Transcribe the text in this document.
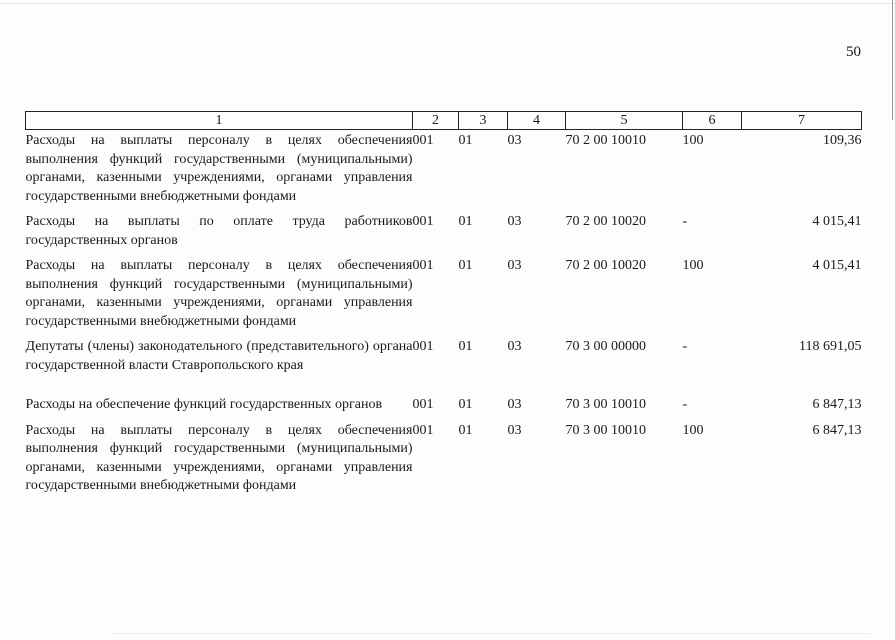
50
1	2	3	4	5	6	7
Расходы на выплаты персоналу в целях обеспечения выполнения функций государственными (муниципальными) органами, казенными учреждениями, органами управления государственными внебюджетными фондами	001	01	03	70 2 00 10010	100	109,36
Расходы на выплаты по оплате труда работников государственных органов	001	01	03	70 2 00 10020	-	4 015,41
Расходы на выплаты персоналу в целях обеспечения выполнения функций государственными (муниципальными) органами, казенными учреждениями, органами управления государственными внебюджетными фондами	001	01	03	70 2 00 10020	100	4 015,41
Депутаты (члены) законодательного (представительного) органа государственной власти Ставропольского края	001	01	03	70 3 00 00000	-	118 691,05
Расходы на обеспечение функций государственных органов	001	01	03	70 3 00 10010	-	6 847,13
Расходы на выплаты персоналу в целях обеспечения выполнения функций государственными (муниципальными) органами, казенными учреждениями, органами управления государственными внебюджетными фондами	001	01	03	70 3 00 10010	100	6 847,13
